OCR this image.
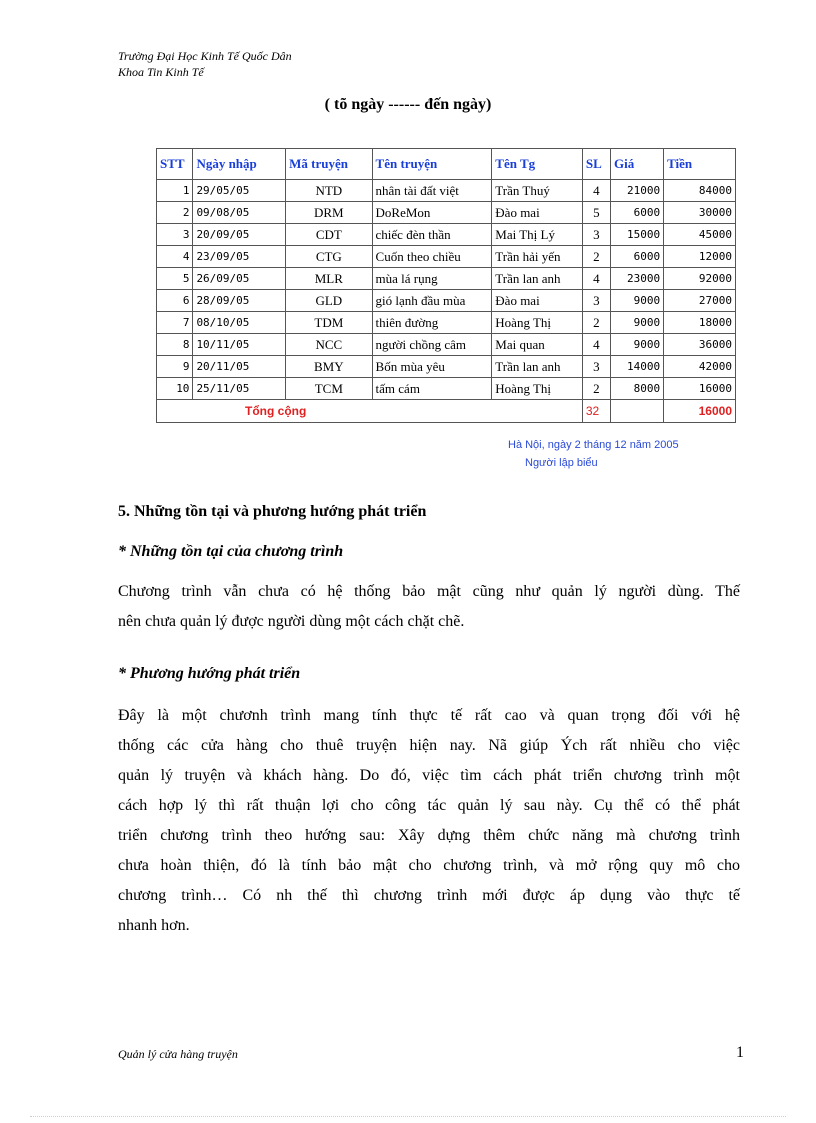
Trường Đại Học Kinh Tế Quốc Dân
Khoa Tin Kinh Tế
( tõ ngày ------ đến ngày)
STT	Ngày nhập	Mã truyện	Tên truyện	Tên Tg	SL	Giá	Tiền
1	29/05/05	NTD	nhân tài đất việt	Trần Thuý	4	21000	84000
2	09/08/05	DRM	DoReMon	Đào mai	5	6000	30000
3	20/09/05	CDT	chiếc đèn thần	Mai Thị Lý	3	15000	45000
4	23/09/05	CTG	Cuốn theo chiều	Trần hải yến	2	6000	12000
5	26/09/05	MLR	mùa lá rụng	Trần lan anh	4	23000	92000
6	28/09/05	GLD	gió lạnh đầu mùa	Đào mai	3	9000	27000
7	08/10/05	TDM	thiên đường	Hoàng Thị	2	9000	18000
8	10/11/05	NCC	người chồng câm	Mai quan	4	9000	36000
9	20/11/05	BMY	Bốn mùa yêu	Trần lan anh	3	14000	42000
10	25/11/05	TCM	tấm cám	Hoàng Thị	2	8000	16000
Tổng cộng					32		16000
Hà Nội, ngày 2 tháng 12 năm 2005
Người lập biểu
5. Những tồn tại và phương hướng phát triển
* Những tồn tại của chương trình
Chương trình vẫn chưa có hệ thống bảo mật cũng như quản lý người dùng. Thế
nên chưa quản lý được người dùng một cách chặt chẽ.
* Phương hướng phát triển
Đây là một chươnh trình mang tính thực tế rất cao và quan trọng đối với hệ
thống các cửa hàng cho thuê truyện hiện nay. Nã giúp Ých rất nhiều cho việc
quản lý truyện và khách hàng. Do đó, việc tìm cách phát triển chương trình một
cách hợp lý thì rất thuận lợi cho công tác quản lý sau này. Cụ thể có thể phát
triển chương trình theo hướng sau: Xây dựng thêm chức năng mà chương trình
chưa hoàn thiện, đó là tính bảo mật cho chương trình, và mở rộng quy mô cho
chương trình… Có nh thế thì chương trình mới được áp dụng vào thực tế
nhanh hơn.
Quản lý cửa hàng truyện	1
